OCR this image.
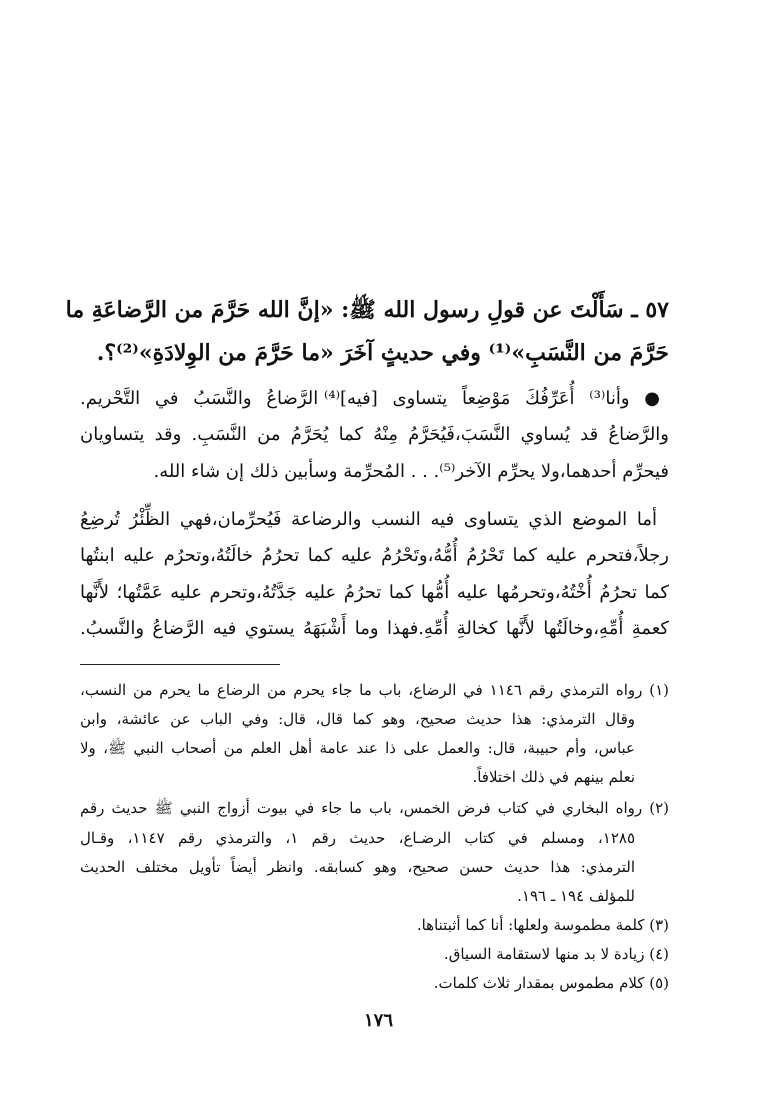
٥٧ ـ سَأَلْتَ عن قولِ رسول الله ﷺ: «إنَّ الله حَرَّمَ من الرَّضاعَةِ ما
حَرَّمَ من النَّسَبِ»⁽¹⁾ وفي حديثٍ آخَرَ «ما حَرَّمَ من الوِلادَةِ»⁽²⁾؟.
● وأنا⁽³⁾ أُعَرِّفُكَ مَوْضِعاً يتساوى [فيه]⁽⁴⁾ الرَّضاعُ والنَّسَبُ في التَّحْريم.
والرَّضاعُ قد يُساوي النَّسَبَ،فَيُحَرَّمُ مِنْهُ كما يُحَرَّمُ من النَّسَبِ. وقد يتساويان
فيحرِّم أحدهما،ولا يحرِّم الآخر⁽⁵⁾. . . المُحرِّمة وسأبين ذلك إن شاء الله.
أما الموضع الذي يتساوى فيه النسب والرضاعة فَيُحرِّمان،فهي الظِّئْرُ تُرضِعُ
رجلاً،فتحرم عليه كما تَحْرُمُ أُمُّهُ،وتَحْرُمُ عليه كما تحرُمُ خالَتُهُ،وتحرُم عليه ابنتُها
كما تحرُمُ أُخْتُهُ،وتحرمُها عليه أُمُّها كما تحرُمُ عليه جَدَّتُهُ،وتحرم عليه عَمَّتُها؛ لأَنَّها
كعمةِ أُمِّهِ،وخالَتُها لأَنَّها كخالةِ أُمِّهِ.فهذا وما أَشْبَهَهُ يستوي فيه الرَّضاعُ والنَّسبُ.
(١) رواه الترمذي رقم ١١٤٦ في الرضاع، باب ما جاء يحرم من الرضاع ما يحرم من النسب،
وقال الترمذي: هذا حديث صحيح، وهو كما قال، قال: وفي الباب عن عائشة، وابن
عباس، وأم حبيبة، قال: والعمل على ذا عند عامة أهل العلم من أصحاب النبي ﷺ، ولا
نعلم بينهم في ذلك اختلافاً.
(٢) رواه البخاري في كتاب فرض الخمس، باب ما جاء في بيوت أزواج النبي ﷺ حديث رقم
١٢٨٥، ومسلم في كتاب الرضـاع، حديث رقم ١، والترمذي رقم ١١٤٧، وقـال
الترمذي: هذا حديث حسن صحيح، وهو كسابقه. وانظر أيضاً تأويل مختلف الحديث
للمؤلف ١٩٤ ـ ١٩٦.
(٣) كلمة مطموسة ولعلها: أنا كما أثبتناها.
(٤) زيادة لا بد منها لاستقامة السياق.
(٥) كلام مطموس بمقدار ثلاث كلمات.
١٧٦
